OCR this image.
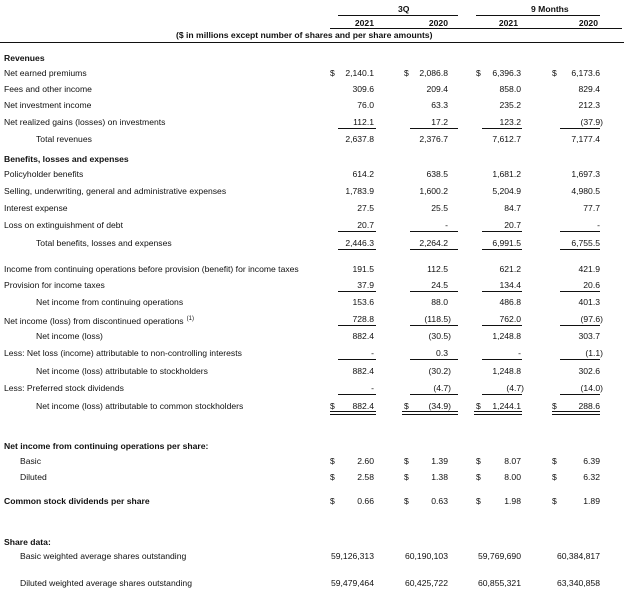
3Q	9 Months
2021	2020	2021	2020
($ in millions except number of shares and per share amounts)
Revenues
Net earned premiums	$	2,140.1	$	2,086.8	$	6,396.3	$	6,173.6
Fees and other income	309.6	209.4	858.0	829.4
Net investment income	76.0	63.3	235.2	212.3
Net realized gains (losses) on investments	112.1	17.2	123.2	(37.9)
Total revenues	2,637.8	2,376.7	7,612.7	7,177.4
Benefits, losses and expenses
Policyholder benefits	614.2	638.5	1,681.2	1,697.3
Selling, underwriting, general and administrative expenses	1,783.9	1,600.2	5,204.9	4,980.5
Interest expense	27.5	25.5	84.7	77.7
Loss on extinguishment of debt	20.7	-	20.7	-
Total benefits, losses and expenses	2,446.3	2,264.2	6,991.5	6,755.5
Income from continuing operations before provision (benefit) for income taxes	191.5	112.5	621.2	421.9
Provision for income taxes	37.9	24.5	134.4	20.6
Net income from continuing operations	153.6	88.0	486.8	401.3
Net income (loss) from discontinued operations $^{(1)}$	728.8	(118.5)	762.0	(97.6)
Net income (loss)	882.4	(30.5)	1,248.8	303.7
Less: Net loss (income) attributable to non-controlling interests	-	0.3	-	(1.1)
Net income (loss) attributable to stockholders	882.4	(30.2)	1,248.8	302.6
Less: Preferred stock dividends	-	(4.7)	(4.7)	(14.0)
Net income (loss) attributable to common stockholders	$	882.4	$	(34.9)	$	1,244.1	$	288.6
Net income from continuing operations per share:
Basic	$	2.60	$	1.39	$	8.07	$	6.39
Diluted	$	2.58	$	1.38	$	8.00	$	6.32
Common stock dividends per share	$	0.66	$	0.63	$	1.98	$	1.89
Share data:
Basic weighted average shares outstanding	59,126,313	60,190,103	59,769,690	60,384,817
Diluted weighted average shares outstanding	59,479,464	60,425,722	60,855,321	63,340,858
